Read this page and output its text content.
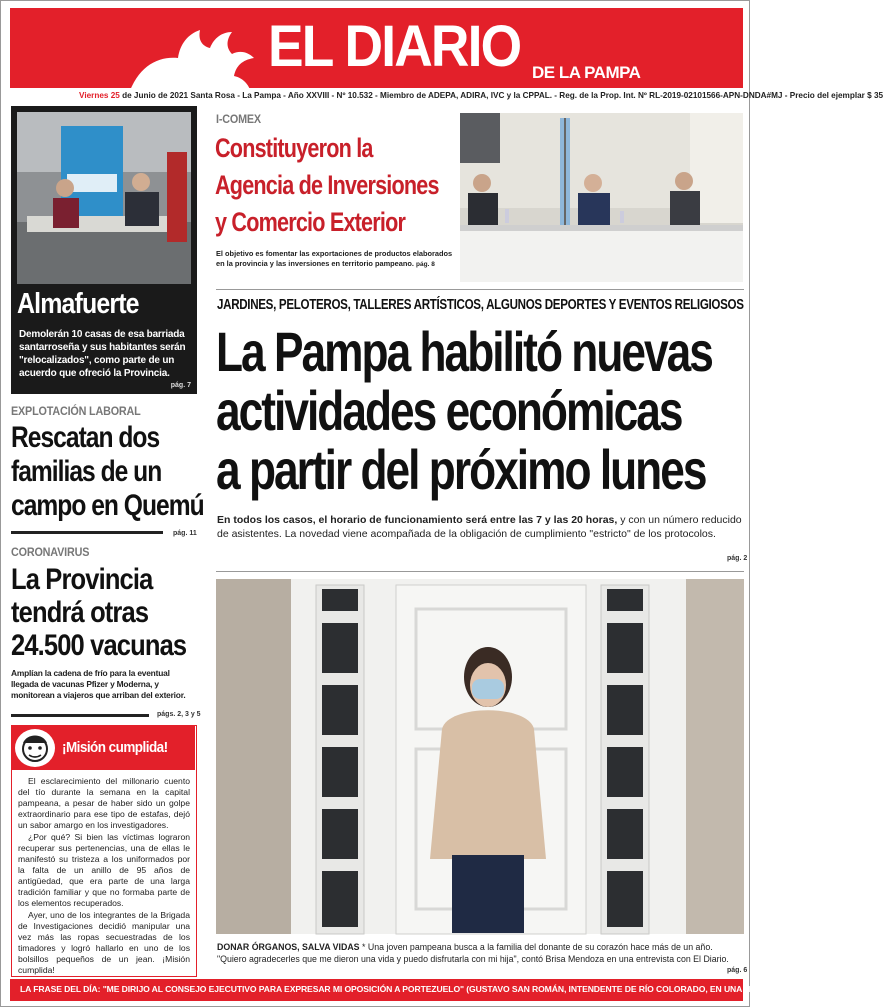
EL DIARIO DE LA PAMPA
Viernes 25 de Junio de 2021 Santa Rosa - La Pampa - Año XXVIII - Nº 10.532 - Miembro de ADEPA, ADIRA, IVC y la CPPAL. - Reg. de la Prop. Int. Nº RL-2019-02101566-APN-DNDA#MJ - Precio del ejemplar $ 35
Almafuerte

Demolerán 10 casas de esa barriada santarroseña y sus habitantes serán "relocalizados", como parte de un acuerdo que ofreció la Provincia.

pág. 7
EXPLOTACIÓN LABORAL
Rescatan dos
familias de un
campo en Quemú
pág. 11
CORONAVIRUS
La Provincia
tendrá otras
24.500 vacunas
Amplían la cadena de frío para la eventual llegada de vacunas Pfizer y Moderna, y monitorean a viajeros que arriban del exterior.
págs. 2, 3 y 5
¡Misión cumplida!

El esclarecimiento del millonario cuento del tío durante la semana en la capital pampeana, a pesar de haber sido un golpe extraordinario para ese tipo de estafas, dejó un sabor amargo en los investigadores.

¿Por qué? Si bien las víctimas lograron recuperar sus pertenencias, una de ellas le manifestó su tristeza a los uniformados por la falta de un anillo de 95 años de antigüedad, que era parte de una larga tradición familiar y que no formaba parte de los elementos recuperados.

Ayer, uno de los integrantes de la Brigada de Investigaciones decidió manipular una vez más las ropas secuestradas de los timadores y logró hallarlo en uno de los bolsillos pequeños de un jean. ¡Misión cumplida!

I-COMEX
Constituyeron la
Agencia de Inversiones
y Comercio Exterior
El objetivo es fomentar las exportaciones de productos elaborados en la provincia y las inversiones en territorio pampeano. pág. 8
JARDINES, PELOTEROS, TALLERES ARTÍSTICOS, ALGUNOS DEPORTES Y EVENTOS RELIGIOSOS
La Pampa habilitó nuevas
actividades económicas
a partir del próximo lunes
En todos los casos, el horario de funcionamiento será entre las 7 y las 20 horas, y con un número reducido de asistentes. La novedad viene acompañada de la obligación de cumplimiento "estricto" de los protocolos.
pág. 2
DONAR ÓRGANOS, SALVA VIDAS * Una joven pampeana busca a la familia del donante de su corazón hace más de un año. "Quiero agradecerles que me dieron una vida y puedo disfrutarla con mi hija", contó Brisa Mendoza en una entrevista con El Diario.
pág. 6
LA FRASE DEL DÍA: "ME DIRIJO AL CONSEJO EJECUTIVO PARA EXPRESAR MI OPOSICIÓN A PORTEZUELO" (GUSTAVO SAN ROMÁN, INTENDENTE DE RÍO COLORADO, EN UNA NOTA A COIRCO). pág. 13
